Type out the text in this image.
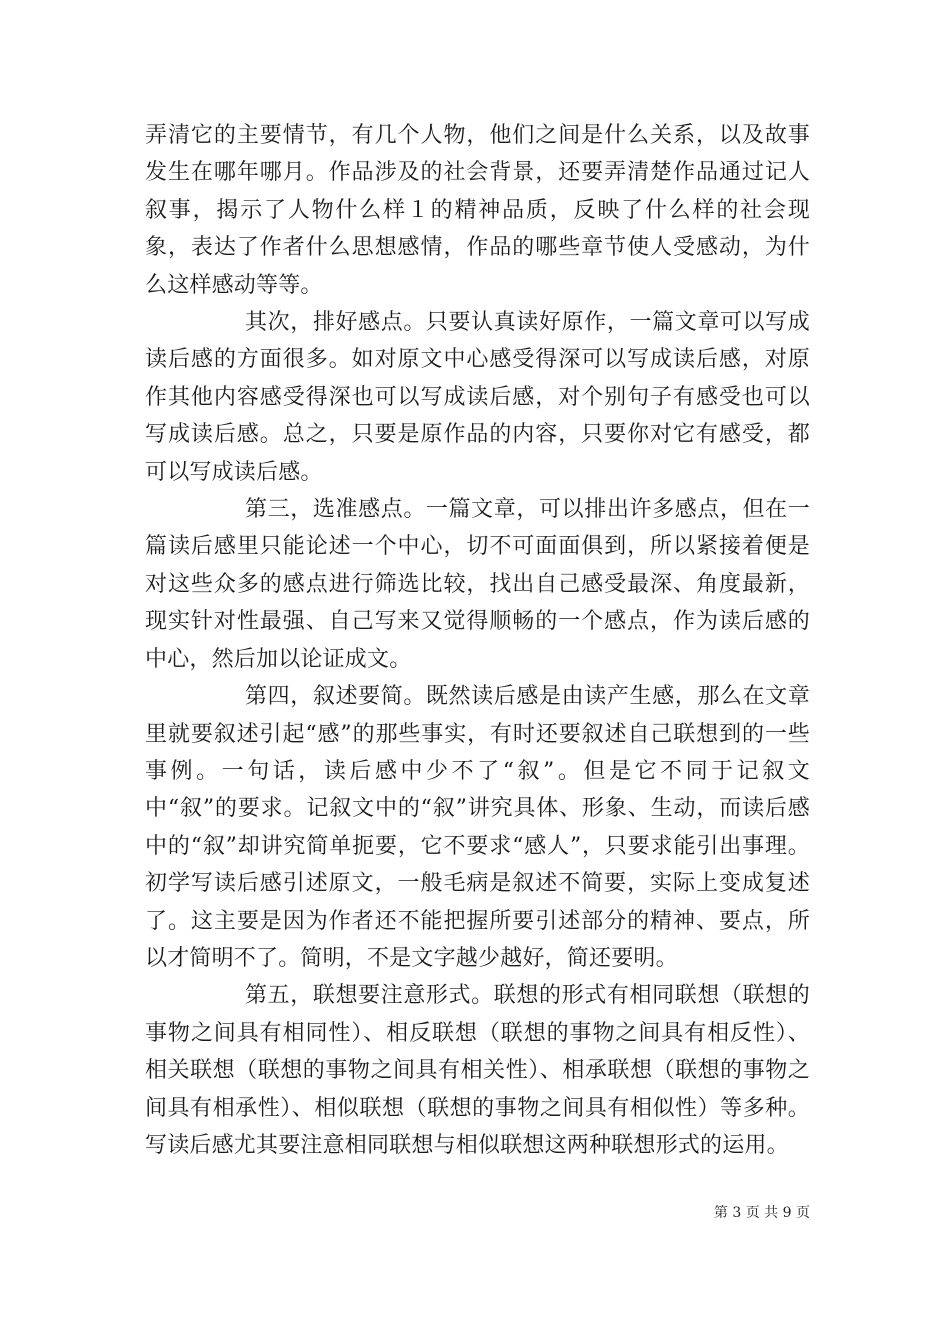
弄清它的主要情节，有几个人物，他们之间是什么关系，以及故事发生在哪年哪月。作品涉及的社会背景，还要弄清楚作品通过记人叙事，揭示了人物什么样１的精神品质，反映了什么样的社会现象，表达了作者什么思想感情，作品的哪些章节使人受感动，为什么这样感动等等。

其次，排好感点。只要认真读好原作，一篇文章可以写成读后感的方面很多。如对原文中心感受得深可以写成读后感，对原作其他内容感受得深也可以写成读后感，对个别句子有感受也可以写成读后感。总之，只要是原作品的内容，只要你对它有感受，都可以写成读后感。

第三，选准感点。一篇文章，可以排出许多感点，但在一篇读后感里只能论述一个中心，切不可面面俱到，所以紧接着便是对这些众多的感点进行筛选比较，找出自己感受最深、角度最新，现实针对性最强、自己写来又觉得顺畅的一个感点，作为读后感的中心，然后加以论证成文。

第四，叙述要简。既然读后感是由读产生感，那么在文章里就要叙述引起“感”的那些事实，有时还要叙述自己联想到的一些事例。一句话，读后感中少不了“叙”。但是它不同于记叙文中“叙”的要求。记叙文中的“叙”讲究具体、形象、生动，而读后感中的“叙”却讲究简单扼要，它不要求“感人”，只要求能引出事理。初学写读后感引述原文，一般毛病是叙述不简要，实际上变成复述了。这主要是因为作者还不能把握所要引述部分的精神、要点，所以才简明不了。简明，不是文字越少越好，简还要明。

第五，联想要注意形式。联想的形式有相同联想（联想的事物之间具有相同性）、相反联想（联想的事物之间具有相反性）、相关联想（联想的事物之间具有相关性）、相承联想（联想的事物之间具有相承性）、相似联想（联想的事物之间具有相似性）等多种。写读后感尤其要注意相同联想与相似联想这两种联想形式的运用。

第 3 页 共 9 页
